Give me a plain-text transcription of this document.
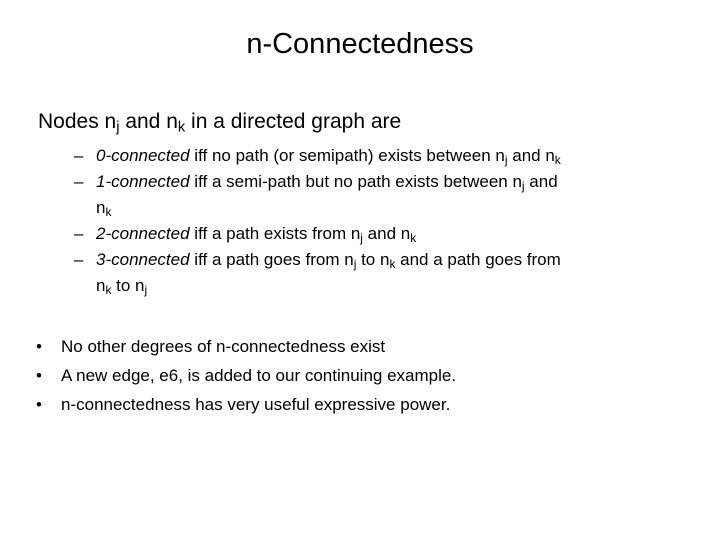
n-Connectedness
Nodes $n_j$ and $n_k$ in a directed graph are
– 0-connected iff no path (or semipath) exists between $n_j$ and $n_k$
– 1-connected iff a semi-path but no path exists between $n_j$ and
$n_k$
– 2-connected iff a path exists from $n_j$ and $n_k$
– 3-connected iff a path goes from $n_j$ to $n_k$ and a path goes from
$n_k$ to $n_j$
• No other degrees of n-connectedness exist
• A new edge, e6, is added to our continuing example.
• n-connectedness has very useful expressive power.
